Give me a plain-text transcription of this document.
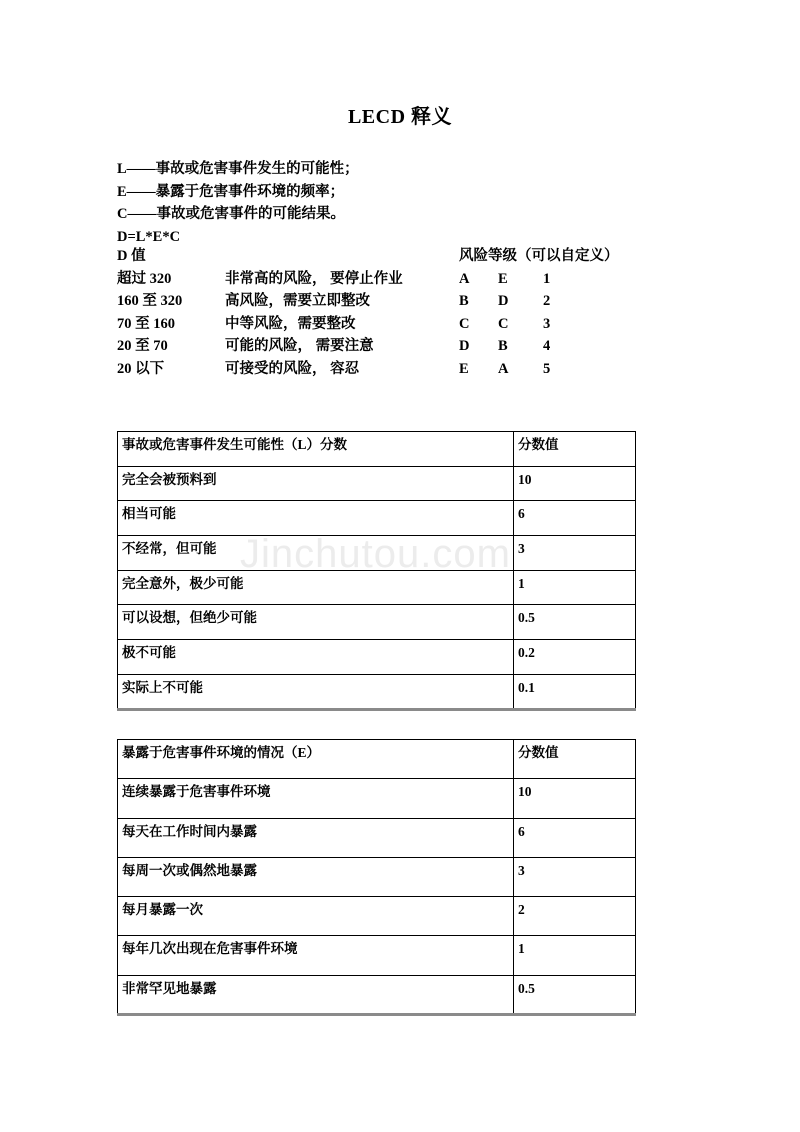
Jinchutou.com
LECD 释义
L——事故或危害事件发生的可能性；
E——暴露于危害事件环境的频率；
C——事故或危害事件的可能结果。
D=L*E*C
D 值	风险等级（可以自定义）
超过 320	非常高的风险， 要停止作业	A E 1
160 至 320	高风险，需要立即整改	B D 2
70 至 160	中等风险，需要整改	C C 3
20 至 70	可能的风险， 需要注意	D B 4
20 以下	可接受的风险， 容忍	E A 5
事故或危害事件发生可能性（L）分数	分数值
完全会被预料到	10
相当可能	6
不经常，但可能	3
完全意外，极少可能	1
可以设想，但绝少可能	0.5
极不可能	0.2
实际上不可能	0.1
暴露于危害事件环境的情况（E）	分数值
连续暴露于危害事件环境	10
每天在工作时间内暴露	6
每周一次或偶然地暴露	3
每月暴露一次	2
每年几次出现在危害事件环境	1
非常罕见地暴露	0.5
